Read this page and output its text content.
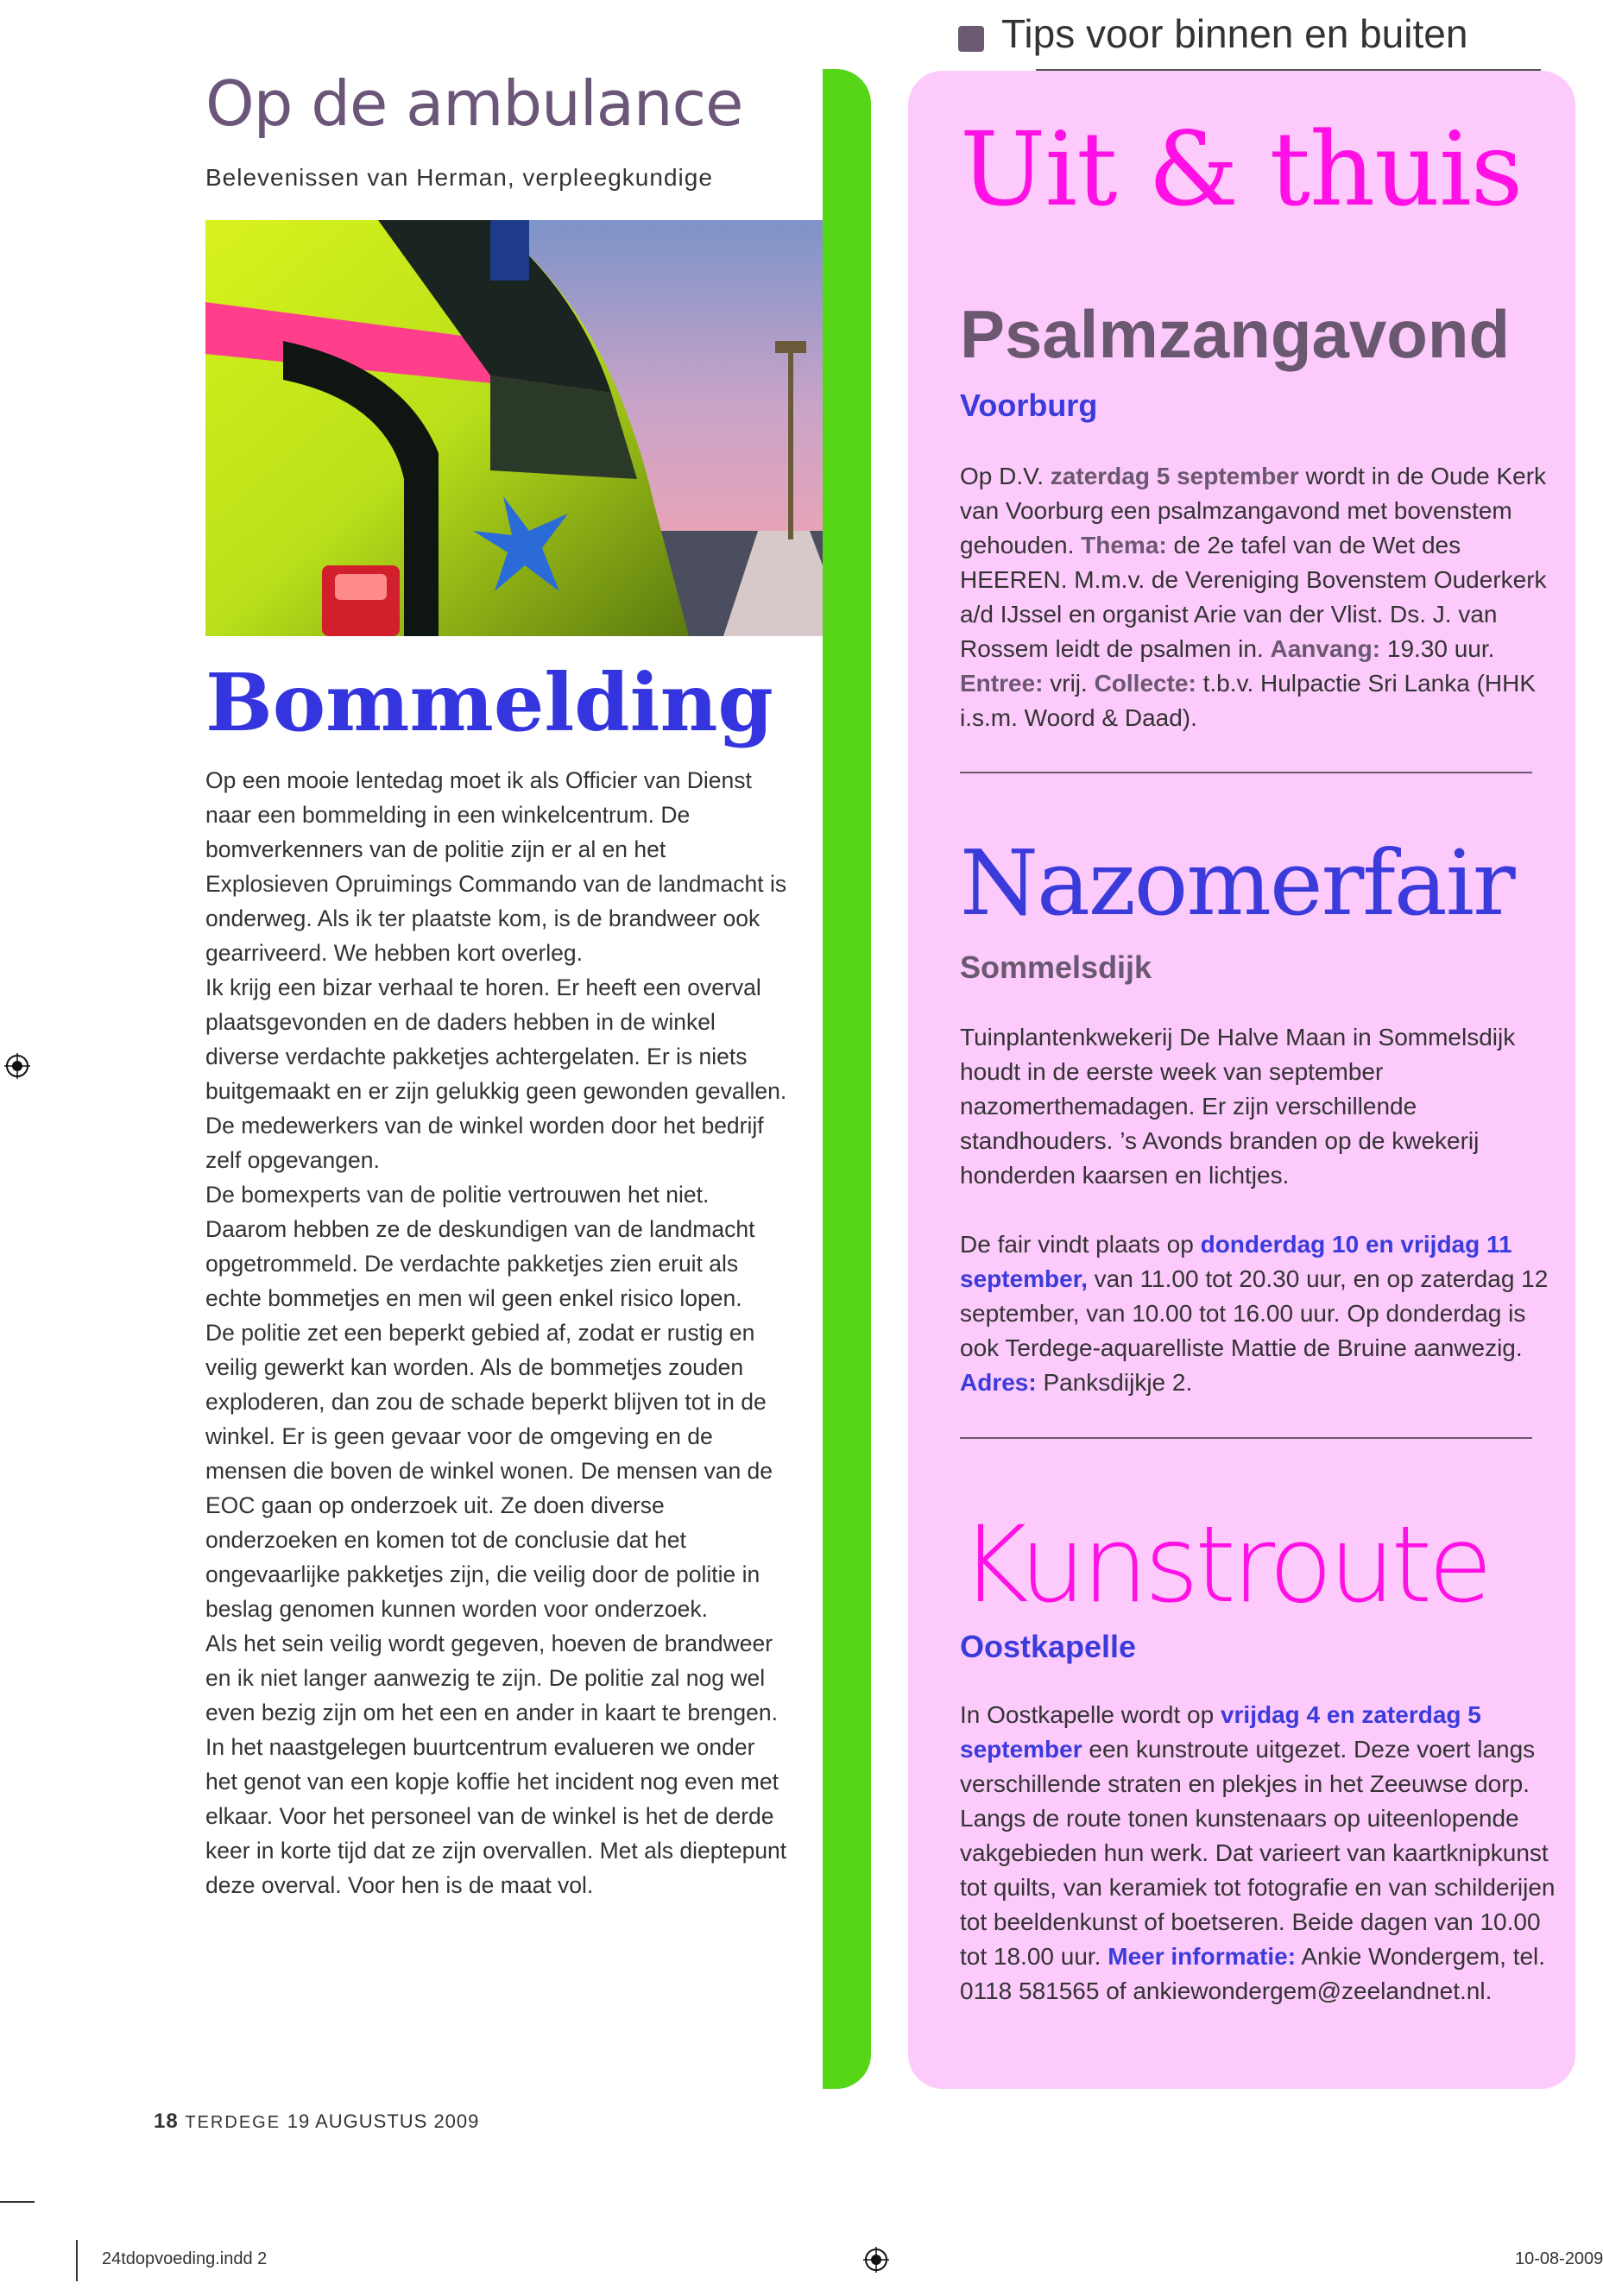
Op de ambulance
Belevenissen van Herman, verpleegkundige
Bommelding

Op een mooie lentedag moet ik als Officier van Dienst naar een bommelding in een winkelcentrum. De bomverkenners van de politie zijn er al en het Explosieven Opruimings Commando van de landmacht is onderweg. Als ik ter plaatste kom, is de brandweer ook gearriveerd. We hebben kort overleg.

Ik krijg een bizar verhaal te horen. Er heeft een overval plaatsgevonden en de daders hebben in de winkel diverse verdachte pakketjes achtergelaten. Er is niets buitgemaakt en er zijn gelukkig geen gewonden gevallen. De medewerkers van de winkel worden door het bedrijf zelf opgevangen.

De bomexperts van de politie vertrouwen het niet. Daarom hebben ze de deskundigen van de landmacht opgetrommeld. De verdachte pakketjes zien eruit als echte bommetjes en men wil geen enkel risico lopen.

De politie zet een beperkt gebied af, zodat er rustig en veilig gewerkt kan worden. Als de bommetjes zouden exploderen, dan zou de schade beperkt blijven tot in de winkel. Er is geen gevaar voor de omgeving en de mensen die boven de winkel wonen. De mensen van de EOC gaan op onderzoek uit. Ze doen diverse onderzoeken en komen tot de conclusie dat het ongevaarlijke pakketjes zijn, die veilig door de politie in beslag genomen kunnen worden voor onderzoek.

Als het sein veilig wordt gegeven, hoeven de brandweer en ik niet langer aanwezig te zijn. De politie zal nog wel even bezig zijn om het een en ander in kaart te brengen. In het naastgelegen buurtcentrum evalueren we onder het genot van een kopje koffie het incident nog even met elkaar. Voor het personeel van de winkel is het de derde keer in korte tijd dat ze zijn overvallen. Met als dieptepunt deze overval. Voor hen is de maat vol.

Tips voor binnen en buiten
Uit & thuis
Psalmzangavond
Voorburg
Op D.V. zaterdag 5 september wordt in de Oude Kerk van Voorburg een psalmzangavond met bovenstem gehouden. Thema: de 2e tafel van de Wet des HEEREN. M.m.v. de Vereniging Bovenstem Ouderkerk a/d IJssel en organist Arie van der Vlist. Ds. J. van Rossem leidt de psalmen in. Aanvang: 19.30 uur. Entree: vrij. Collecte: t.b.v. Hulpactie Sri Lanka (HHK i.s.m. Woord & Daad).
Nazomerfair
Sommelsdijk

Tuinplantenkwekerij De Halve Maan in Sommelsdijk houdt in de eerste week van september nazomerthemadagen. Er zijn verschillende standhouders. ’s Avonds branden op de kwekerij honderden kaarsen en lichtjes.

De fair vindt plaats op donderdag 10 en vrijdag 11 september, van 11.00 tot 20.30 uur, en op zaterdag 12 september, van 10.00 tot 16.00 uur. Op donderdag is ook Terdege-aquarelliste Mattie de Bruine aanwezig. Adres: Panksdijkje 2.

Kunstroute
Oostkapelle
In Oostkapelle wordt op vrijdag 4 en zaterdag 5 september een kunstroute uitgezet. Deze voert langs verschillende straten en plekjes in het Zeeuwse dorp. Langs de route tonen kunstenaars op uiteenlopende vakgebieden hun werk. Dat varieert van kaartknipkunst tot quilts, van keramiek tot fotografie en van schilderijen tot beeldenkunst of boetseren. Beide dagen van 10.00 tot 18.00 uur. Meer informatie: Ankie Wondergem, tel. 0118 581565 of ankiewondergem@zeelandnet.nl.
18 TERDEGE 19 AUGUSTUS 2009
24tdopvoeding.indd 2	10-08-2009
